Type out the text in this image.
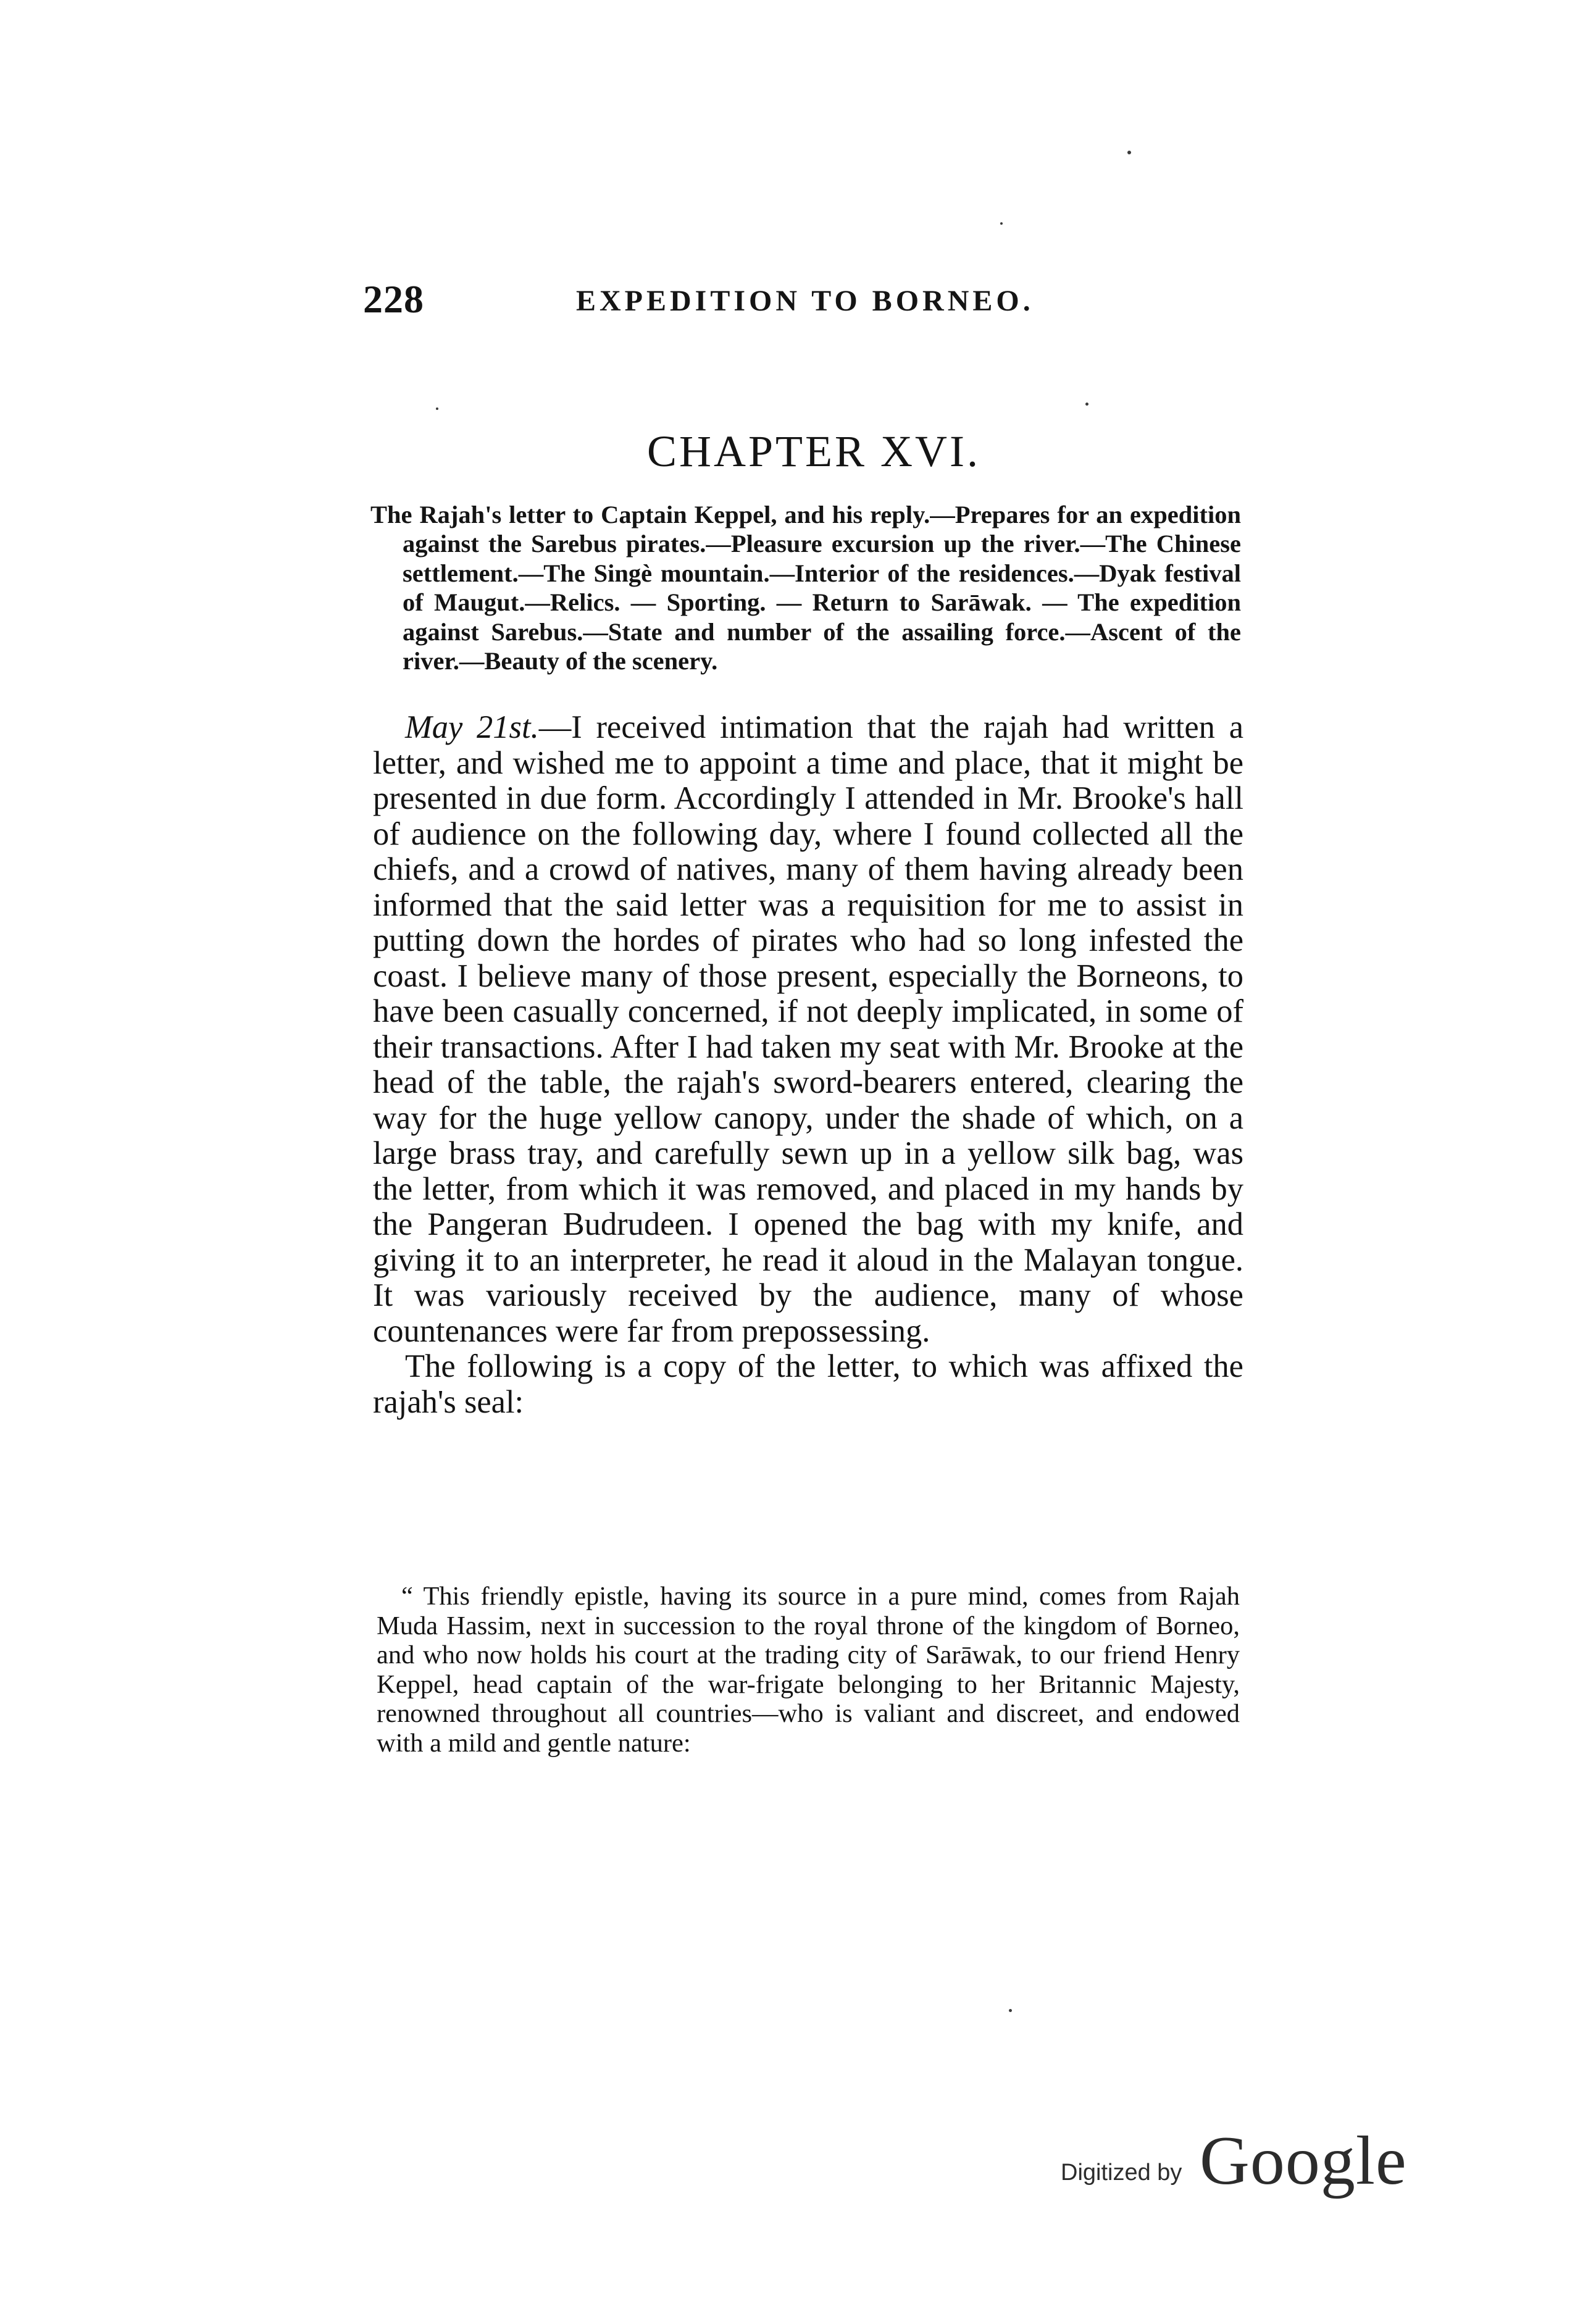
228	EXPEDITION TO BORNEO.
CHAPTER XVI.
The Rajah's letter to Captain Keppel, and his reply.—Prepares for an expedition against the Sarebus pirates.—Pleasure excursion up the river.—The Chinese settlement.—The Singè mountain.—Interior of the residences.—Dyak festival of Maugut.—Relics. — Sporting. — Return to Sarāwak. — The expedition against Sarebus.—State and number of the assailing force.—Ascent of the river.—Beauty of the scenery.

May 21st.—I received intimation that the rajah had written a letter, and wished me to appoint a time and place, that it might be presented in due form. Accordingly I attended in Mr. Brooke's hall of audience on the following day, where I found collected all the chiefs, and a crowd of natives, many of them having already been informed that the said letter was a requisition for me to assist in putting down the hordes of pirates who had so long infested the coast. I believe many of those present, especially the Borneons, to have been casually concerned, if not deeply implicated, in some of their transactions. After I had taken my seat with Mr. Brooke at the head of the table, the rajah's sword-bearers entered, clearing the way for the huge yellow canopy, under the shade of which, on a large brass tray, and carefully sewn up in a yellow silk bag, was the letter, from which it was removed, and placed in my hands by the Pangeran Budrudeen. I opened the bag with my knife, and giving it to an interpreter, he read it aloud in the Malayan tongue. It was variously received by the audience, many of whose countenances were far from prepossessing.

The following is a copy of the letter, to which was affixed the rajah's seal:

“ This friendly epistle, having its source in a pure mind, comes from Rajah Muda Hassim, next in succession to the royal throne of the kingdom of Borneo, and who now holds his court at the trading city of Sarāwak, to our friend Henry Keppel, head captain of the war-frigate belonging to her Britannic Majesty, renowned throughout all countries—who is valiant and discreet, and endowed with a mild and gentle nature:

Digitized by Google
